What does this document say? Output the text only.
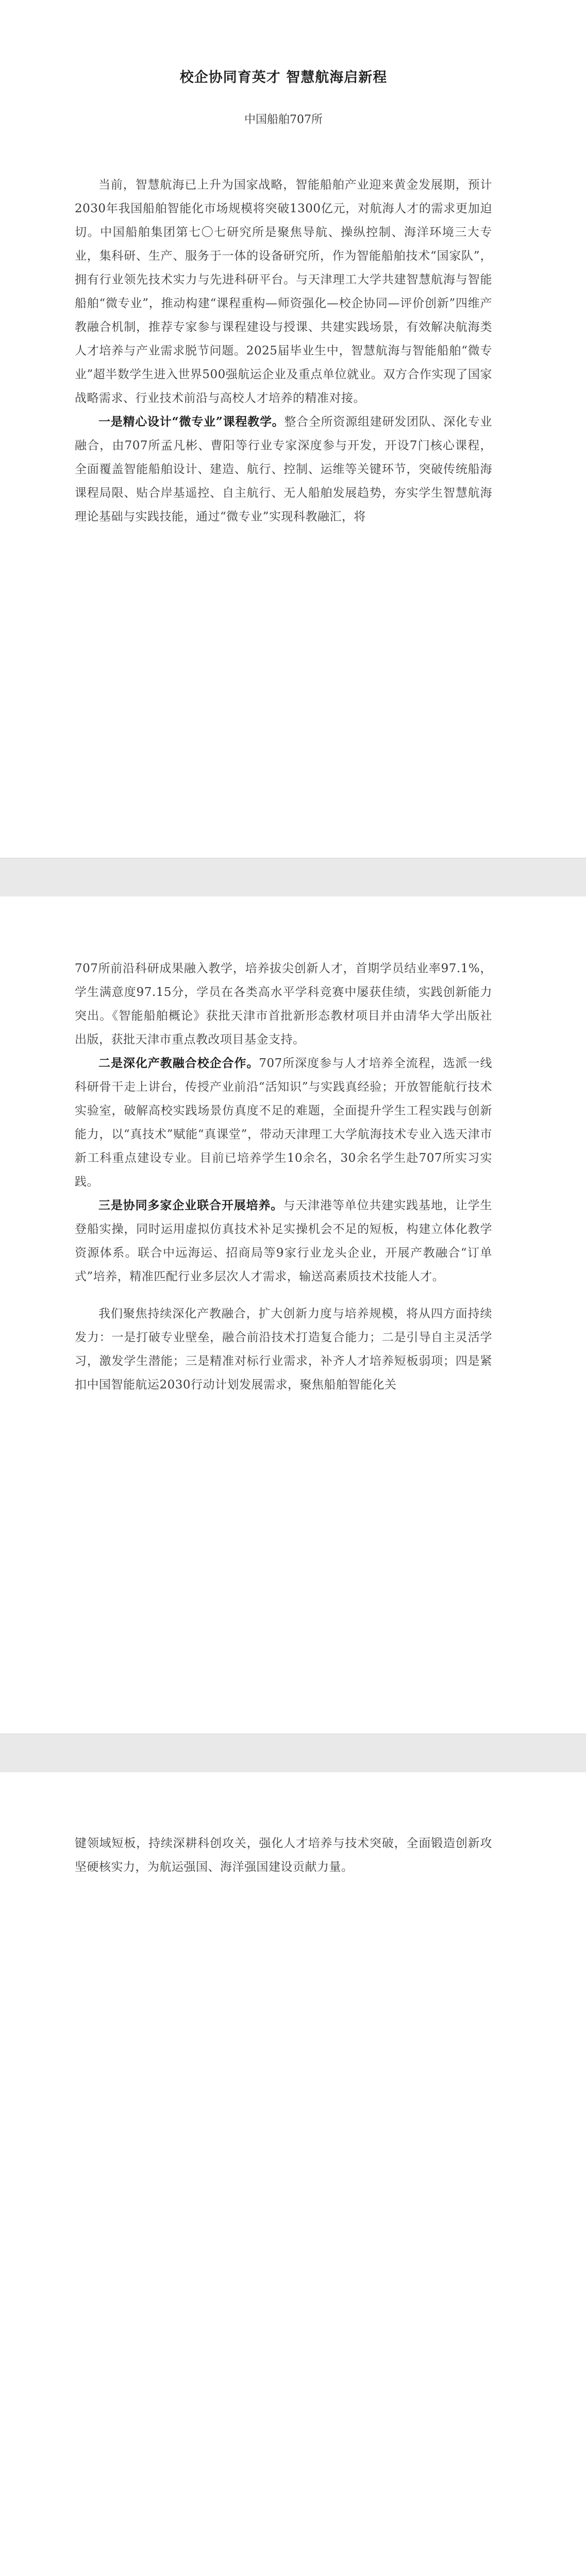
校企协同育英才 智慧航海启新程
中国船舶707所

当前，智慧航海已上升为国家战略，智能船舶产业迎来黄金发展期，预计2030年我国船舶智能化市场规模将突破1300亿元，对航海人才的需求更加迫切。中国船舶集团第七〇七研究所是聚焦导航、操纵控制、海洋环境三大专业，集科研、生产、服务于一体的设备研究所，作为智能船舶技术“国家队”，拥有行业领先技术实力与先进科研平台。与天津理工大学共建智慧航海与智能船舶“微专业”，推动构建“课程重构—师资强化—校企协同—评价创新”四维产教融合机制，推荐专家参与课程建设与授课、共建实践场景，有效解决航海类人才培养与产业需求脱节问题。2025届毕业生中，智慧航海与智能船舶“微专业”超半数学生进入世界500强航运企业及重点单位就业。双方合作实现了国家战略需求、行业技术前沿与高校人才培养的精准对接。

一是精心设计“微专业”课程教学。整合全所资源组建研发团队、深化专业融合，由707所孟凡彬、曹阳等行业专家深度参与开发，开设7门核心课程，全面覆盖智能船舶设计、建造、航行、控制、运维等关键环节，突破传统船海课程局限、贴合岸基遥控、自主航行、无人船舶发展趋势，夯实学生智慧航海理论基础与实践技能，通过“微专业”实现科教融汇，将

707所前沿科研成果融入教学，培养拔尖创新人才，首期学员结业率97.1%，学生满意度97.15分，学员在各类高水平学科竞赛中屡获佳绩，实践创新能力突出。《智能船舶概论》获批天津市首批新形态教材项目并由清华大学出版社出版，获批天津市重点教改项目基金支持。

二是深化产教融合校企合作。707所深度参与人才培养全流程，选派一线科研骨干走上讲台，传授产业前沿“活知识”与实践真经验；开放智能航行技术实验室，破解高校实践场景仿真度不足的难题，全面提升学生工程实践与创新能力，以“真技术”赋能“真课堂”，带动天津理工大学航海技术专业入选天津市新工科重点建设专业。目前已培养学生10余名，30余名学生赴707所实习实践。

三是协同多家企业联合开展培养。与天津港等单位共建实践基地，让学生登船实操，同时运用虚拟仿真技术补足实操机会不足的短板，构建立体化教学资源体系。联合中远海运、招商局等9家行业龙头企业，开展产教融合“订单式”培养，精准匹配行业多层次人才需求，输送高素质技术技能人才。

我们聚焦持续深化产教融合，扩大创新力度与培养规模，将从四方面持续发力：一是打破专业壁垒，融合前沿技术打造复合能力；二是引导自主灵活学习，激发学生潜能；三是精准对标行业需求，补齐人才培养短板弱项；四是紧扣中国智能航运2030行动计划发展需求，聚焦船舶智能化关

键领域短板，持续深耕科创攻关，强化人才培养与技术突破，全面锻造创新攻坚硬核实力，为航运强国、海洋强国建设贡献力量。
